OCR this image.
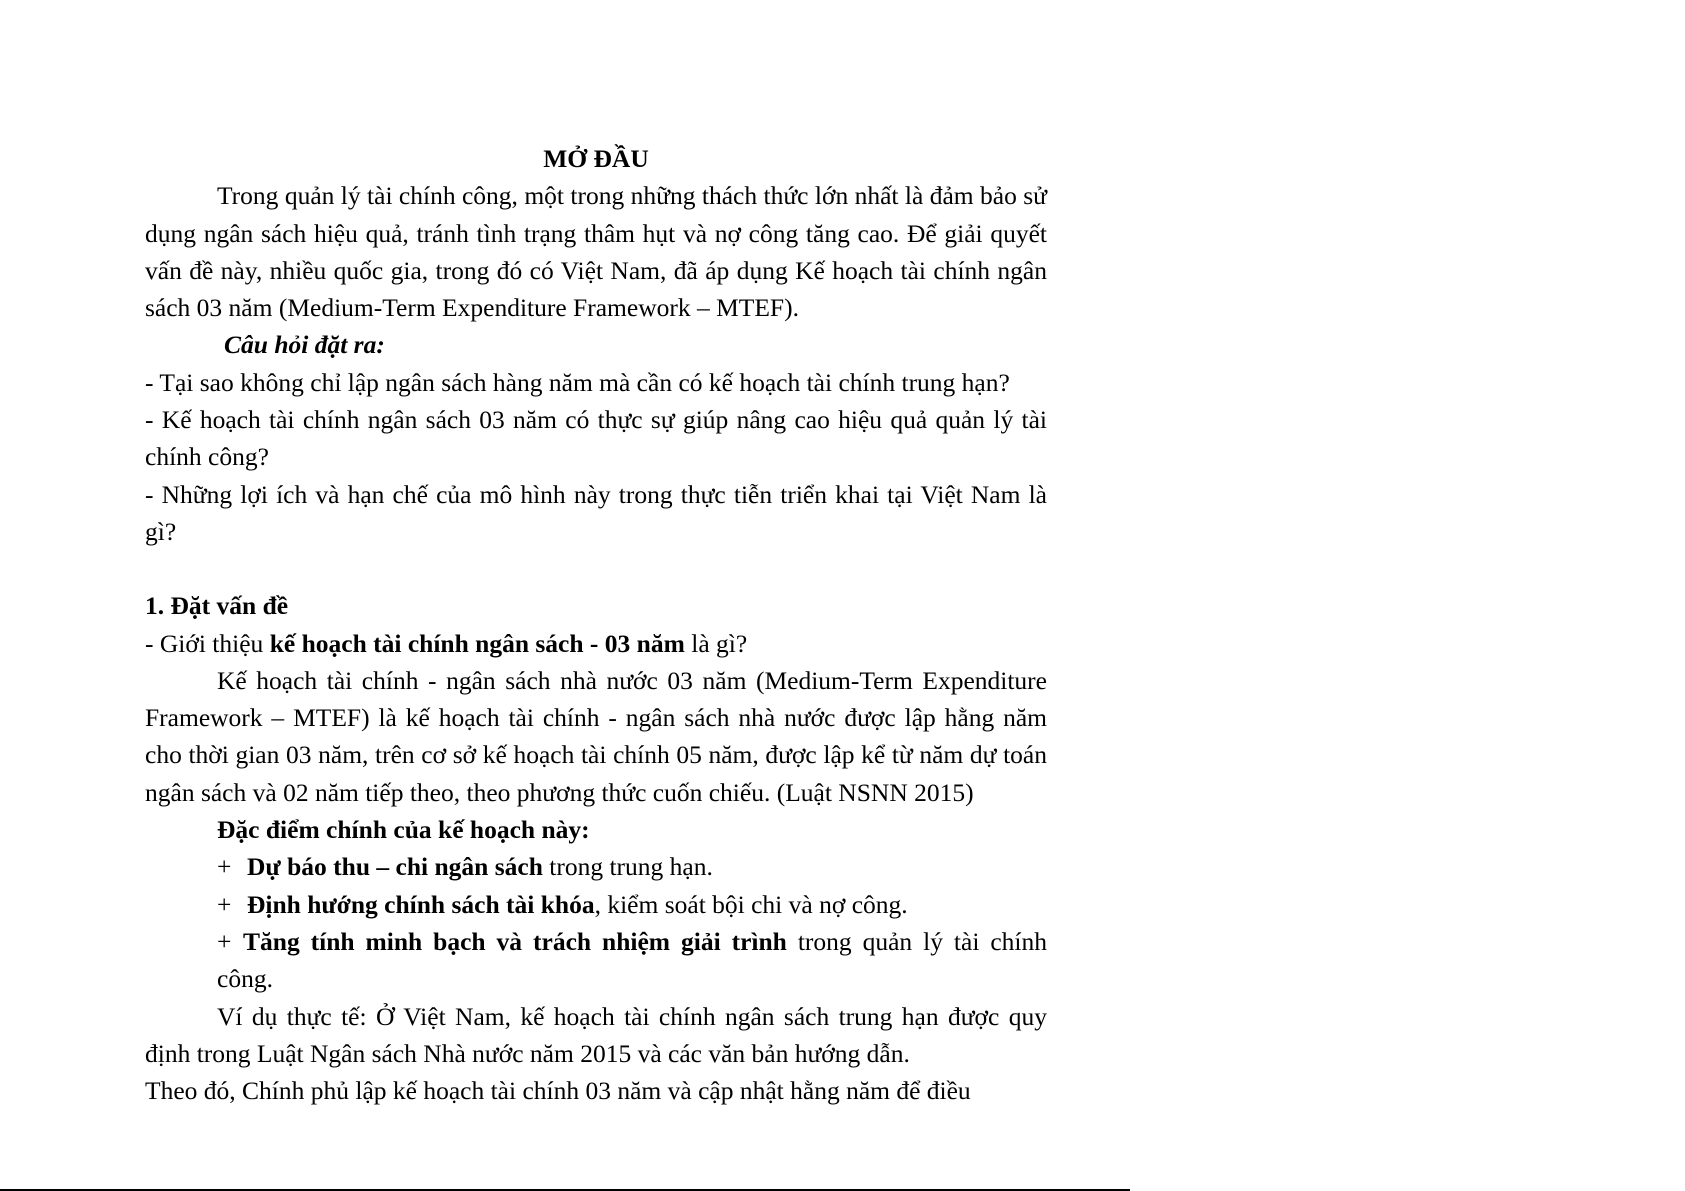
MỞ ĐẦU

Trong quản lý tài chính công, một trong những thách thức lớn nhất là đảm bảo sử dụng ngân sách hiệu quả, tránh tình trạng thâm hụt và nợ công tăng cao. Để giải quyết vấn đề này, nhiều quốc gia, trong đó có Việt Nam, đã áp dụng Kế hoạch tài chính ngân sách 03 năm (Medium-Term Expenditure Framework – MTEF).

Câu hỏi đặt ra:

- Tại sao không chỉ lập ngân sách hàng năm mà cần có kế hoạch tài chính trung hạn?

- Kế hoạch tài chính ngân sách 03 năm có thực sự giúp nâng cao hiệu quả quản lý tài chính công?

- Những lợi ích và hạn chế của mô hình này trong thực tiễn triển khai tại Việt Nam là gì?

1. Đặt vấn đề

- Giới thiệu kế hoạch tài chính ngân sách - 03 năm là gì?

Kế hoạch tài chính - ngân sách nhà nước 03 năm (Medium-Term Expenditure Framework – MTEF) là kế hoạch tài chính - ngân sách nhà nước được lập hằng năm cho thời gian 03 năm, trên cơ sở kế hoạch tài chính 05 năm, được lập kể từ năm dự toán ngân sách và 02 năm tiếp theo, theo phương thức cuốn chiếu. (Luật NSNN 2015)

Đặc điểm chính của kế hoạch này:

+ Dự báo thu – chi ngân sách trong trung hạn.

+ Định hướng chính sách tài khóa, kiểm soát bội chi và nợ công.

+ Tăng tính minh bạch và trách nhiệm giải trình trong quản lý tài chính công.

Ví dụ thực tế: Ở Việt Nam, kế hoạch tài chính ngân sách trung hạn được quy định trong Luật Ngân sách Nhà nước năm 2015 và các văn bản hướng dẫn.

Theo đó, Chính phủ lập kế hoạch tài chính 03 năm và cập nhật hằng năm để điều
